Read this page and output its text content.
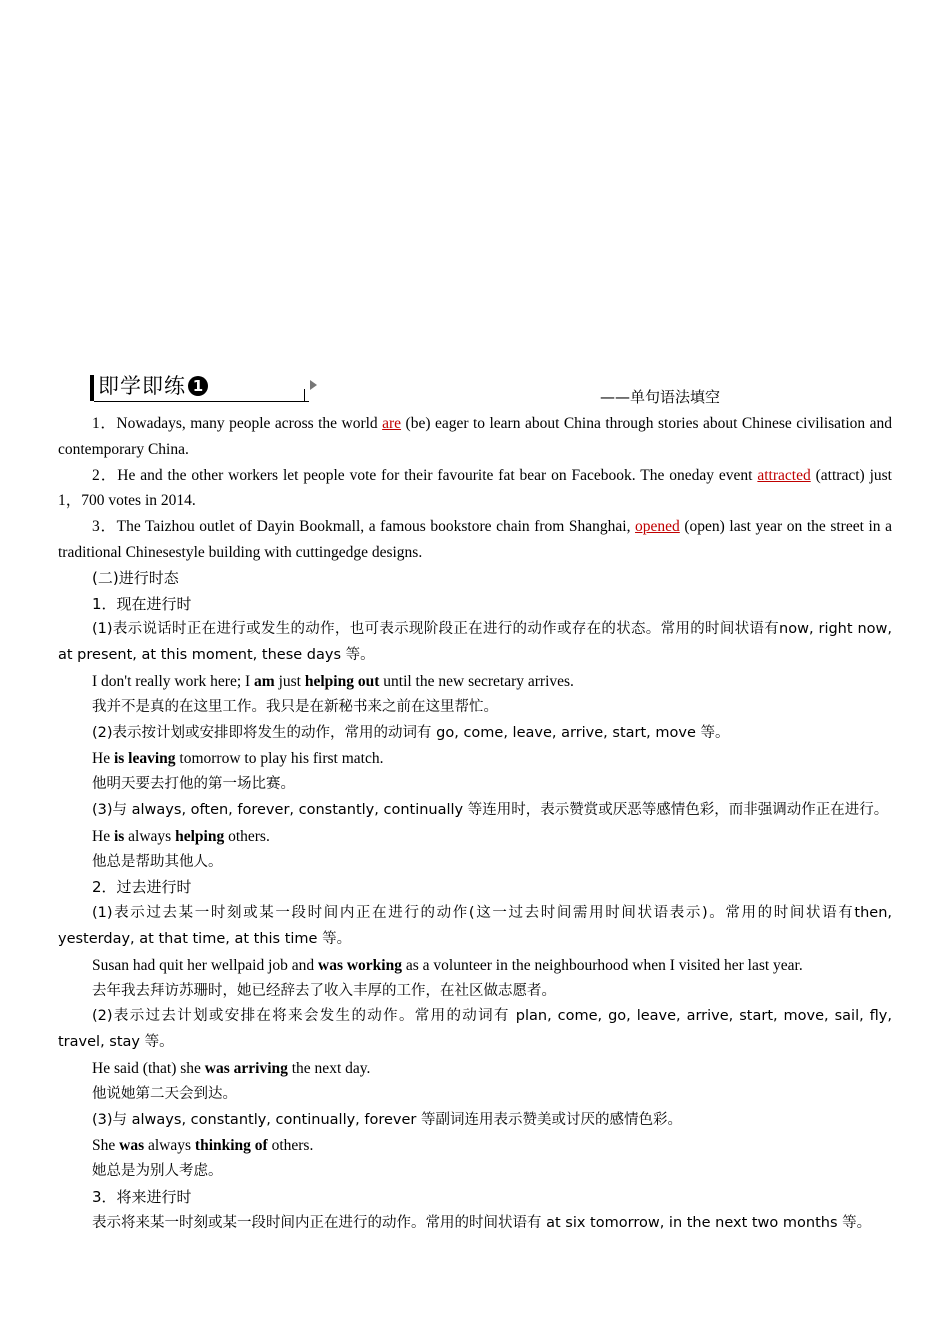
即学即练 1
——单句语法填空

1．Nowadays, many people across the world are (be) eager to learn about China through stories about Chinese civilisation and contemporary China.

2．He and the other workers let people vote for their favourite fat bear on Facebook. The oneday event attracted (attract) just 1，700 votes in 2014.

3．The Taizhou outlet of Dayin Bookmall, a famous bookstore chain from Shanghai, opened (open) last year on the street in a traditional Chinesestyle building with cuttingedge designs.

(二)进行时态

1．现在进行时

(1)表示说话时正在进行或发生的动作，也可表示现阶段正在进行的动作或存在的状态。常用的时间状语有now, right now, at present, at this moment, these days 等。

I don't really work here; I am just helping out until the new secretary arrives.

我并不是真的在这里工作。我只是在新秘书来之前在这里帮忙。

(2)表示按计划或安排即将发生的动作，常用的动词有 go, come, leave, arrive, start, move 等。

He is leaving tomorrow to play his first match.

他明天要去打他的第一场比赛。

(3)与 always, often, forever, constantly, continually 等连用时，表示赞赏或厌恶等感情色彩，而非强调动作正在进行。

He is always helping others.

他总是帮助其他人。

2．过去进行时

(1)表示过去某一时刻或某一段时间内正在进行的动作(这一过去时间需用时间状语表示)。常用的时间状语有then, yesterday, at that time, at this time 等。

Susan had quit her wellpaid job and was working as a volunteer in the neighbourhood when I visited her last year.

去年我去拜访苏珊时，她已经辞去了收入丰厚的工作，在社区做志愿者。

(2)表示过去计划或安排在将来会发生的动作。常用的动词有 plan, come, go, leave, arrive, start, move, sail, fly, travel, stay 等。

He said (that) she was arriving the next day.

他说她第二天会到达。

(3)与 always, constantly, continually, forever 等副词连用表示赞美或讨厌的感情色彩。

She was always thinking of others.

她总是为别人考虑。

3．将来进行时

表示将来某一时刻或某一段时间内正在进行的动作。常用的时间状语有 at six tomorrow, in the next two months 等。
